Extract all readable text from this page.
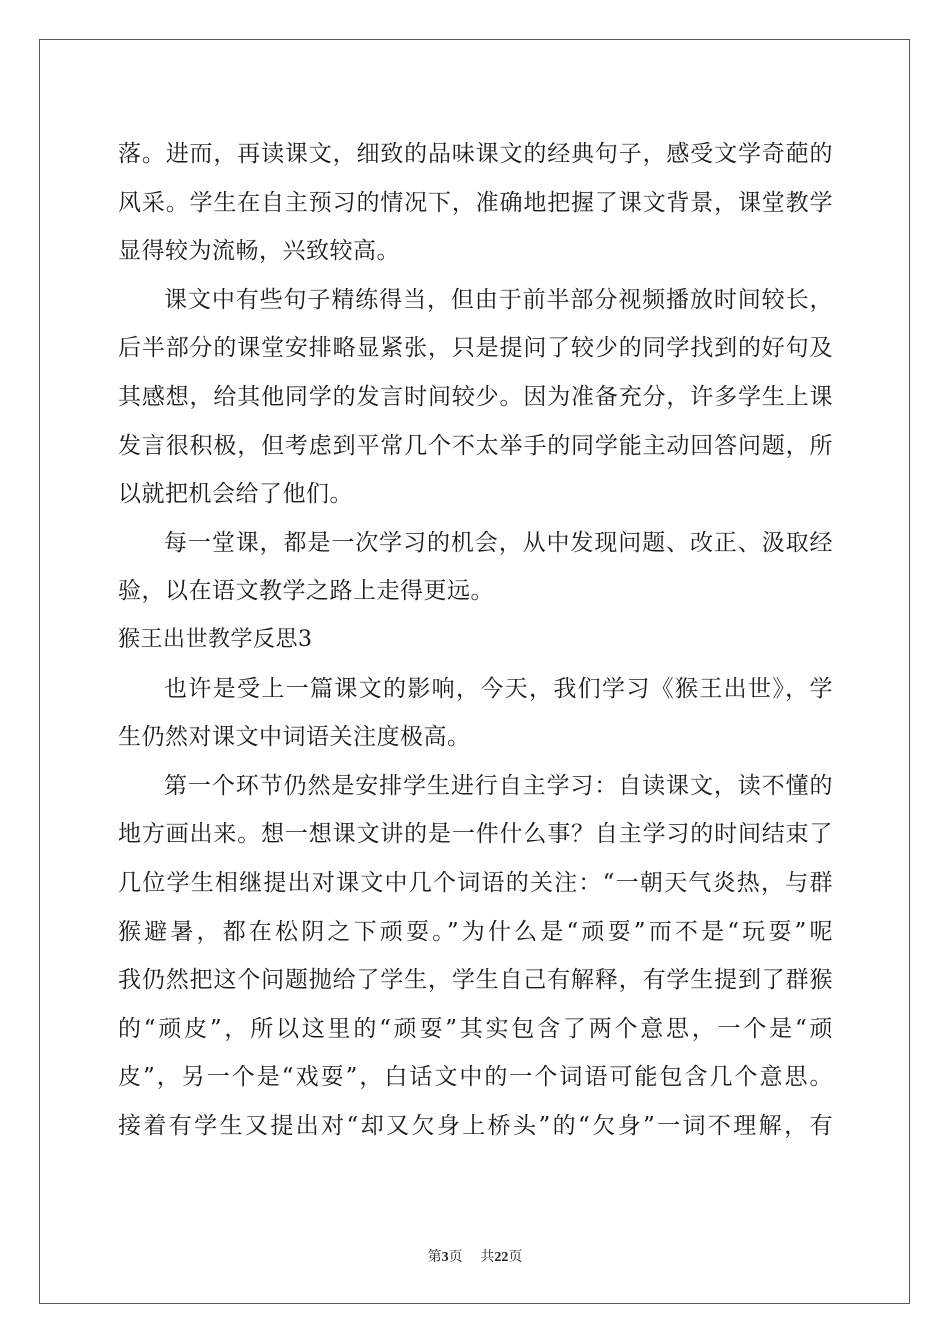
落。进而，再读课文，细致的品味课文的经典句子，感受文学奇葩的
风采。学生在自主预习的情况下，准确地把握了课文背景，课堂教学
显得较为流畅，兴致较高。
课文中有些句子精练得当，但由于前半部分视频播放时间较长，
后半部分的课堂安排略显紧张，只是提问了较少的同学找到的好句及
其感想，给其他同学的发言时间较少。因为准备充分，许多学生上课
发言很积极，但考虑到平常几个不太举手的同学能主动回答问题，所
以就把机会给了他们。
每一堂课，都是一次学习的机会，从中发现问题、改正、汲取经
验，以在语文教学之路上走得更远。
猴王出世教学反思3
也许是受上一篇课文的影响，今天，我们学习《猴王出世》，学
生仍然对课文中词语关注度极高。
第一个环节仍然是安排学生进行自主学习：自读课文，读不懂的
地方画出来。想一想课文讲的是一件什么事？自主学习的时间结束了
几位学生相继提出对课文中几个词语的关注：“一朝天气炎热，与群
猴避暑，都在松阴之下顽耍。”为什么是“顽耍”而不是“玩耍”呢
我仍然把这个问题抛给了学生，学生自己有解释，有学生提到了群猴
的“顽皮”，所以这里的“顽耍”其实包含了两个意思，一个是“顽
皮”，另一个是“戏耍”，白话文中的一个词语可能包含几个意思。
接着有学生又提出对“却又欠身上桥头”的“欠身”一词不理解，有
第3页 共22页
